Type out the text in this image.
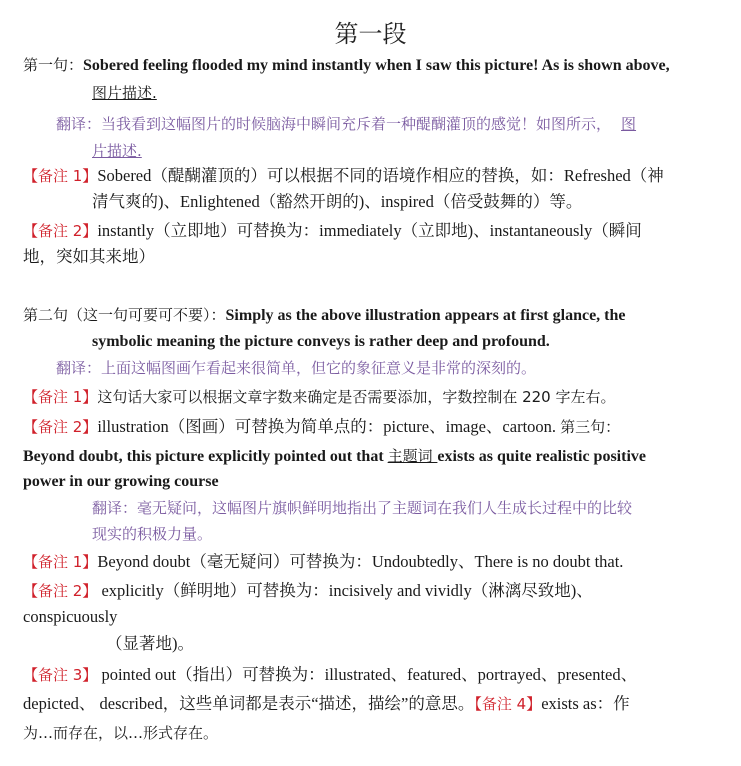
第一段
第一句：Sobered feeling flooded my mind instantly when I saw this picture! As is shown above,
图片描述.
翻译：当我看到这幅图片的时候脑海中瞬间充斥着一种醍醐灌顶的感觉！如图所示， 图
片描述.
【备注 1】Sobered（醍醐灌顶的）可以根据不同的语境作相应的替换，如：Refreshed（神
清气爽的)、Enlightened（豁然开朗的)、inspired（倍受鼓舞的）等。
【备注 2】instantly（立即地）可替换为：immediately（立即地)、instantaneously（瞬间
地，突如其来地）
第二句（这一句可要可不要）：Simply as the above illustration appears at first glance, the
symbolic meaning the picture conveys is rather deep and profound.
翻译：上面这幅图画乍看起来很简单，但它的象征意义是非常的深刻的。
【备注 1】这句话大家可以根据文章字数来确定是否需要添加，字数控制在 220 字左右。
【备注 2】illustration（图画）可替换为简单点的：picture、image、cartoon. 第三句：
Beyond doubt, this picture explicitly pointed out that 主题词 exists as quite realistic positive
power in our growing course
翻译：毫无疑问，这幅图片旗帜鲜明地指出了主题词在我们人生成长过程中的比较
现实的积极力量。
【备注 1】Beyond doubt（毫无疑问）可替换为：Undoubtedly、There is no doubt that.
【备注 2】 explicitly（鲜明地）可替换为：incisively and vividly（淋漓尽致地)、
conspicuously
（显著地)。
【备注 3】 pointed out（指出）可替换为：illustrated、featured、portrayed、presented、
depicted、 described，这些单词都是表示“描述，描绘”的意思。【备注 4】exists as：作
为…而存在，以…形式存在。
